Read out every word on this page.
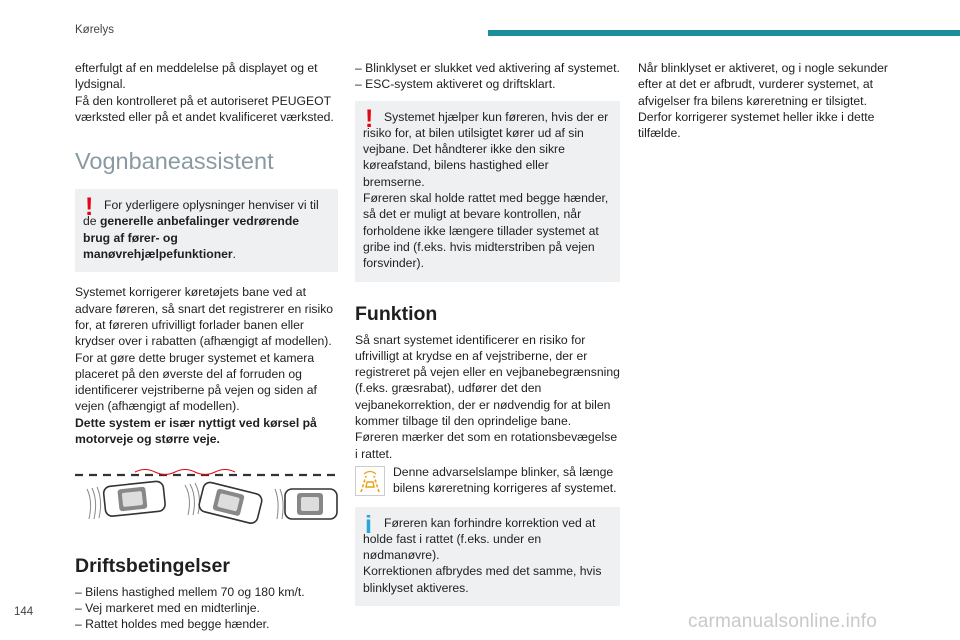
Kørelys
144	carmanualsonline.info

efterfulgt af en meddelelse på displayet og et lydsignal.

Få den kontrolleret på et autoriseret PEUGEOT værksted eller på et andet kvalificeret værksted.

Vognbaneassistent
! For yderligere oplysninger henviser vi til de generelle anbefalinger vedrørende brug af fører- og manøvrehjælpefunktioner.

Systemet korrigerer køretøjets bane ved at advare føreren, så snart det registrerer en risiko for, at føreren ufrivilligt forlader banen eller krydser over i rabatten (afhængigt af modellen).

For at gøre dette bruger systemet et kamera placeret på den øverste del af forruden og identificerer vejstriberne på vejen og siden af vejen (afhængigt af modellen).

Dette system er især nyttigt ved kørsel på motorveje og større veje.

Driftsbetingelser

– Bilens hastighed mellem 70 og 180 km/t.

– Vej markeret med en midterlinje.

– Rattet holdes med begge hænder.

– Blinklyset er slukket ved aktivering af systemet.

– ESC-system aktiveret og driftsklart.

! Systemet hjælper kun føreren, hvis der er risiko for, at bilen utilsigtet kører ud af sin vejbane. Det håndterer ikke den sikre køreafstand, bilens hastighed eller bremserne.

Føreren skal holde rattet med begge hænder, så det er muligt at bevare kontrollen, når forholdene ikke længere tillader systemet at gribe ind (f.eks. hvis midterstriben på vejen forsvinder).

Funktion

Så snart systemet identificerer en risiko for ufrivilligt at krydse en af vejstriberne, der er registreret på vejen eller en vejbanebegrænsning (f.eks. græsrabat), udfører det den vejbanekorrektion, der er nødvendig for at bilen kommer tilbage til den oprindelige bane.

Føreren mærker det som en rotationsbevægelse i rattet.

Denne advarselslampe blinker, så længe bilens køreretning korrigeres af systemet.

i Føreren kan forhindre korrektion ved at holde fast i rattet (f.eks. under en nødmanøvre).

Korrektionen afbrydes med det samme, hvis blinklyset aktiveres.

Når blinklyset er aktiveret, og i nogle sekunder efter at det er afbrudt, vurderer systemet, at afvigelser fra bilens køreretning er tilsigtet. Derfor korrigerer systemet heller ikke i dette tilfælde.
